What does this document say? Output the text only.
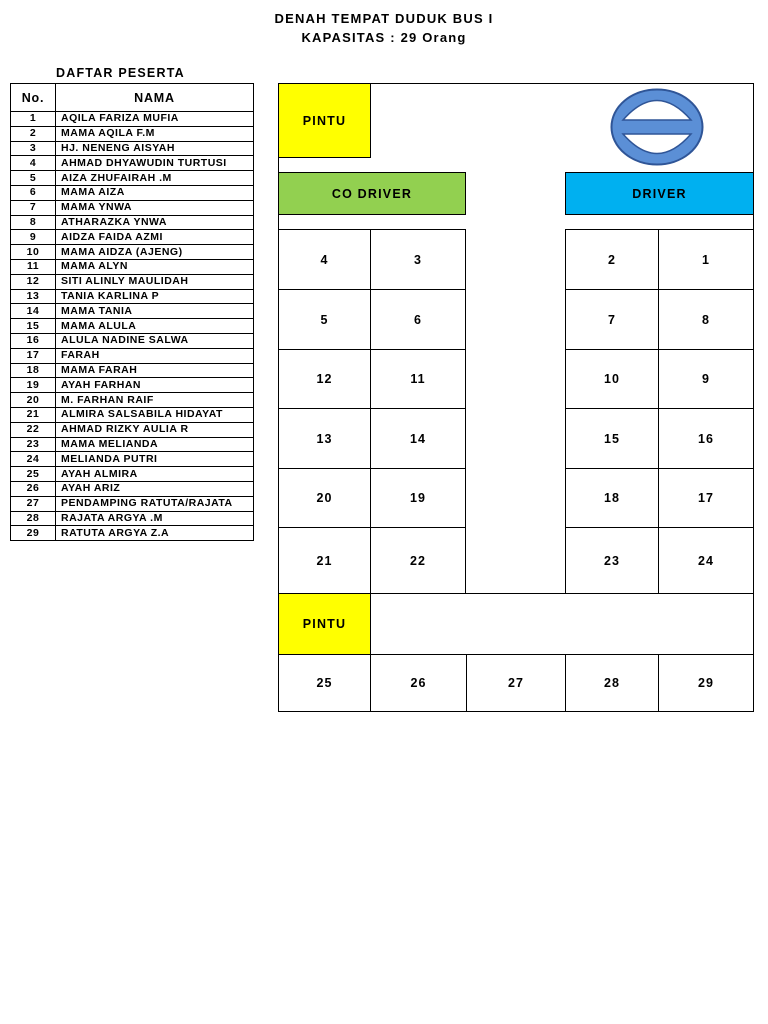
DENAH TEMPAT DUDUK BUS I
KAPASITAS : 29 Orang
DAFTAR PESERTA
No.	NAMA
1	AQILA FARIZA MUFIA
2	MAMA AQILA F.M
3	HJ. NENENG AISYAH
4	AHMAD DHYAWUDIN TURTUSI
5	AIZA ZHUFAIRAH .M
6	MAMA AIZA
7	MAMA YNWA
8	ATHARAZKA YNWA
9	AIDZA FAIDA AZMI
10	MAMA AIDZA (AJENG)
11	MAMA ALYN
12	SITI ALINLY MAULIDAH
13	TANIA KARLINA P
14	MAMA TANIA
15	MAMA ALULA
16	ALULA NADINE SALWA
17	FARAH
18	MAMA FARAH
19	AYAH FARHAN
20	M. FARHAN RAIF
21	ALMIRA SALSABILA HIDAYAT
22	AHMAD RIZKY AULIA R
23	MAMA MELIANDA
24	MELIANDA PUTRI
25	AYAH ALMIRA
26	AYAH ARIZ
27	PENDAMPING RATUTA/RAJATA
28	RAJATA ARGYA .M
29	RATUTA ARGYA Z.A
PINTU
CO DRIVER	DRIVER
4	3	2	1
5	6	7	8
12	11	10	9
13	14	15	16
20	19	18	17
21	22	23	24
PINTU
25	26	27	28	29
